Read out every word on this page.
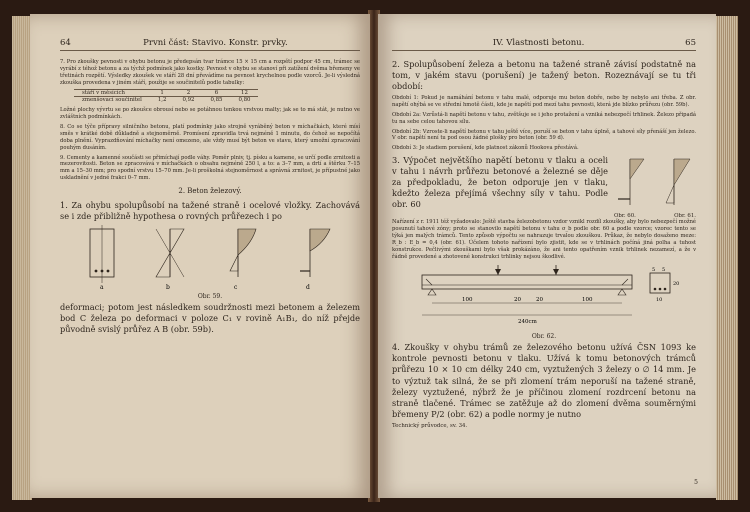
64	Prvni část: Stavivo. Konstr. prvky.

7. Pro zkoušky pevnosti v ohybu betonu je předepsán tvar trámce 15 × 15 cm a rozpětí podpor 45 cm, trámec se vyrábí z téhož betonu a za týchž podmínek jako kostky. Pevnost v ohybu se stanoví při zatížení dvěma břemeny ve třetinách rozpětí. Výsledky zkoušek ve stáří 28 dní převádíme na pevnost krychelnou podle vzorců. Je-li výsledná zkouška provedena v jiném stáří, použije se součinitelů podle tabulky:

stáří v měsících	1	2	6	12
zmenšovací součinitel	1,2	0,92	0,85	0,80

Ložné plochy vývrtu se po zkoušce obrousí nebo se potáhnou tenkou vrstvou malty; jak se to má stát, je nutno ve zvláštních podmínkách.

8. Co se týče přípravy silničního betonu, platí podmínky jako strojně vyráběný beton v míchačkách, které mísí směs v krátké době důkladně a stejnoměrně. Promísení zpravidla trvá nejméně 1 minutu, do čehož se nepočítá doba plnění. Vyprazdňování míchačky není omezeno, ale vždy musí být beton ve stavu, který umožní zpracování pouhým dusáním.

9. Cementy a kamenné součásti se přimíchají podle váhy. Poměr plniv, tj. písku a kamene, se určí podle zrnitosti a mezerovitosti. Beton se zpracovává v míchačkách o obsahu nejméně 250 l, a to: a 3–7 mm, a drtí a štěrku 7–15 mm a 15–30 mm; pro spodní vrstvu 15–70 mm. Je-li proškolná stejnoměrnost a správná zrnitost, je přípustné jako uskladnění v jedné frakci 0–7 mm.

2. Beton železový.

1. Za ohybu spolupůsobí na tažené straně i ocelové vložky. Zachovává se i zde přibližně hypothesa o rovných průřezech i po

a	b	c	d
Obr. 59.

deformaci; potom jest následkem soudržnosti mezi betonem a železem bod C železa po deformaci v poloze C₁ v rovině A₁B₁, do níž přejde původně svislý průřez A B (obr. 59b).

IV. Vlastnosti betonu.	65

2. Spolupůsobení železa a betonu na tažené straně závisí podstatně na tom, v jakém stavu (porušení) je tažený beton. Rozeznávají se tu tři období:

Období 1: Pokud je namáhání betonu v tahu malé, odporuje mu beton dobře, nebo by nebylo ani třeba. Z obr. napětí ohýbá se ve střední hmotě části, kde je napětí pod mezí tahu pevnosti, která jde blízko průřezu (obr. 59b).

Období 2a: Vzrůstá-li napětí betonu v tahu, zvětšuje se i jeho protažení a vzniká nebezpečí trhlinek. Železo připadá tu na sebe celou tahovou sílu.

Období 2b: Vzroste-li napětí betonu v tahu ještě více, poruší se beton v tahu úplně, a tahové síly přenáší jen železo. V obr. napětí není tu pod osou žádné plošky pro beton (obr. 59 d).

Období 3: Je stadiem porušení, kde platnost zákonů Hookova přestává.

3. Výpočet největšího napětí betonu v tlaku a oceli v tahu i návrh průřezu betonové a železné se děje za předpokladu, že beton odporuje jen v tlaku, kdežto železa přejímá všechny síly v tahu. Podle obr. 60

Obr. 60.	Obr. 61.

Nařízení z r. 1911 též vyžadovalo: Ještě stavba železobetonu vzdor vznikl rozdíl zkoušky, aby bylo nebezpečí možné posunutí tahové zóny; proto se stanovilo napětí betonu v tahu σ_b podle obr. 60 a podle vzorce; vzorec tento se týká jen malých trámců. Tento způsob výpočtu se nahrazuje trvalou zkouškou. Průkaz, že nebylo dosaženo meze: R_b : E_b = 0,4 (obr. 61). Účelem tohoto nařízení bylo zjistit, kde se v trhlinách počíná jiná polha a tuhost konstrukce. Pečlivými zkouškami bylo však prokázáno, že ani tento opatřením vznik trhlinek nezamezí, a že v řádně provedené a zhotovené konstrukci trhlinky nejsou škodlivé.

100	20	20	100
240cm
5 5
20
10
Obr. 62.

4. Zkoušky v ohybu trámů ze železového betonu užívá ČSN 1093 ke kontrole pevnosti betonu v tlaku. Užívá k tomu betonových trámců průřezu 10 × 10 cm délky 240 cm, vyztužených 3 železy o ∅ 14 mm. Je to výztuž tak silná, že se při zlomení trám neporuší na tažené straně, železy vyztužené, nýbrž že je příčinou zlomení rozdrcení betonu na straně tlačené. Trámec se zatěžuje až do zlomení dvěma souměrnými břemeny P/2 (obr. 62) a podle normy je nutno

Technický průvodce, sv. 34.
5
